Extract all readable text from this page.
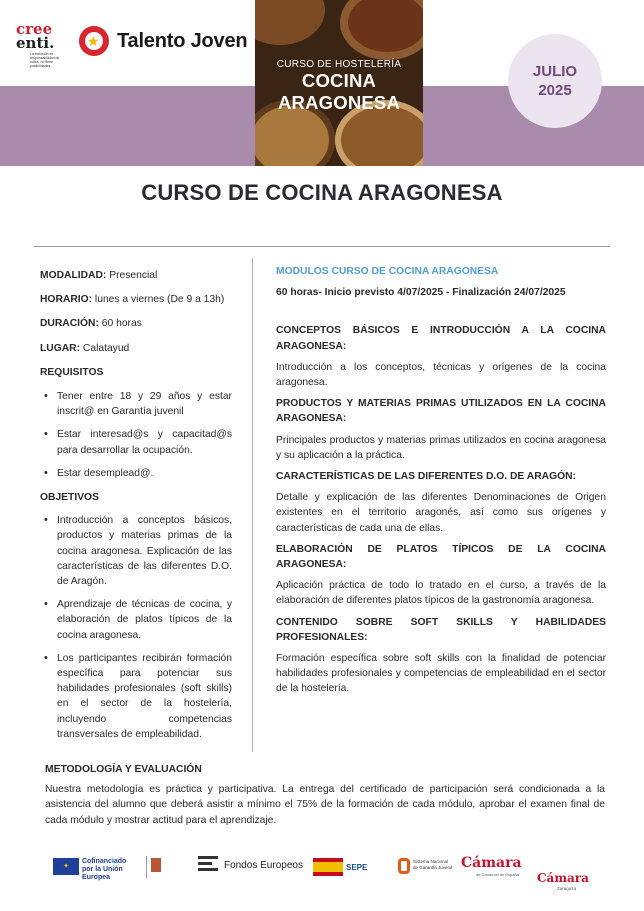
cree
enti.
La inclusión es responsabilidad de todos, no tiene posibilidades
★ Talento Joven
CURSO DE HOSTELERÍA
COCINA ARAGONESA
JULIO
2025
CURSO DE COCINA ARAGONESA

MODALIDAD: Presencial

HORARIO: lunes a viernes (De 9 a 13h)

DURACIÓN: 60 horas

LUGAR: Calatayud

REQUISITOS

• Tener entre 18 y 29 años y estar inscrit@ en Garantía juvenil
• Estar interesad@s y capacitad@s para desarrollar la ocupación.
• Estar desemplead@.

OBJETIVOS

• Introducción a conceptos básicos, productos y materias primas de la cocina aragonesa. Explicación de las características de las diferentes D.O. de Aragón.
• Aprendizaje de técnicas de cocina, y elaboración de platos típicos de la cocina aragonesa.
• Los participantes recibirán formación específica para potenciar sus habilidades profesionales (soft skills) en el sector de la hostelería, incluyendo competencias transversales de empleabilidad.

MODULOS CURSO DE COCINA ARAGONESA

60 horas- Inicio previsto 4/07/2025 - Finalización 24/07/2025

CONCEPTOS BÁSICOS E INTRODUCCIÓN A LA COCINA ARAGONESA:

Introducción a los conceptos, técnicas y orígenes de la cocina aragonesa.

PRODUCTOS Y MATERIAS PRIMAS UTILIZADOS EN LA COCINA ARAGONESA:

Principales productos y materias primas utilizados en cocina aragonesa y su aplicación a la práctica.

CARACTERÍSTICAS DE LAS DIFERENTES D.O. DE ARAGÓN:

Detalle y explicación de las diferentes Denominaciones de Origen existentes en el territorio aragonés, así como sus orígenes y características de cada una de ellas.

ELABORACIÓN DE PLATOS TÍPICOS DE LA COCINA ARAGONESA:

Aplicación práctica de todo lo tratado en el curso, a través de la elaboración de diferentes platos típicos de la gastronomía aragonesa.

CONTENIDO SOBRE SOFT SKILLS Y HABILIDADES PROFESIONALES:

Formación específica sobre soft skills con la finalidad de potenciar habilidades profesionales y competencias de empleabilidad en el sector de la hostelería.

METODOLOGÍA Y EVALUACIÓN

Nuestra metodología es práctica y participativa. La entrega del certificado de participación será condicionada a la asistencia del alumno que deberá asistir a mínimo el 75% de la formación de cada módulo, aprobar el examen final de cada módulo y mostrar actitud para el aprendizaje.

✦
Cofinanciado por la Unión Europea
Fondos Europeos	SEPE
Sistema Nacional de Garantía Juvenil Cámara
de Comercio de España Cámara
Zaragoza
